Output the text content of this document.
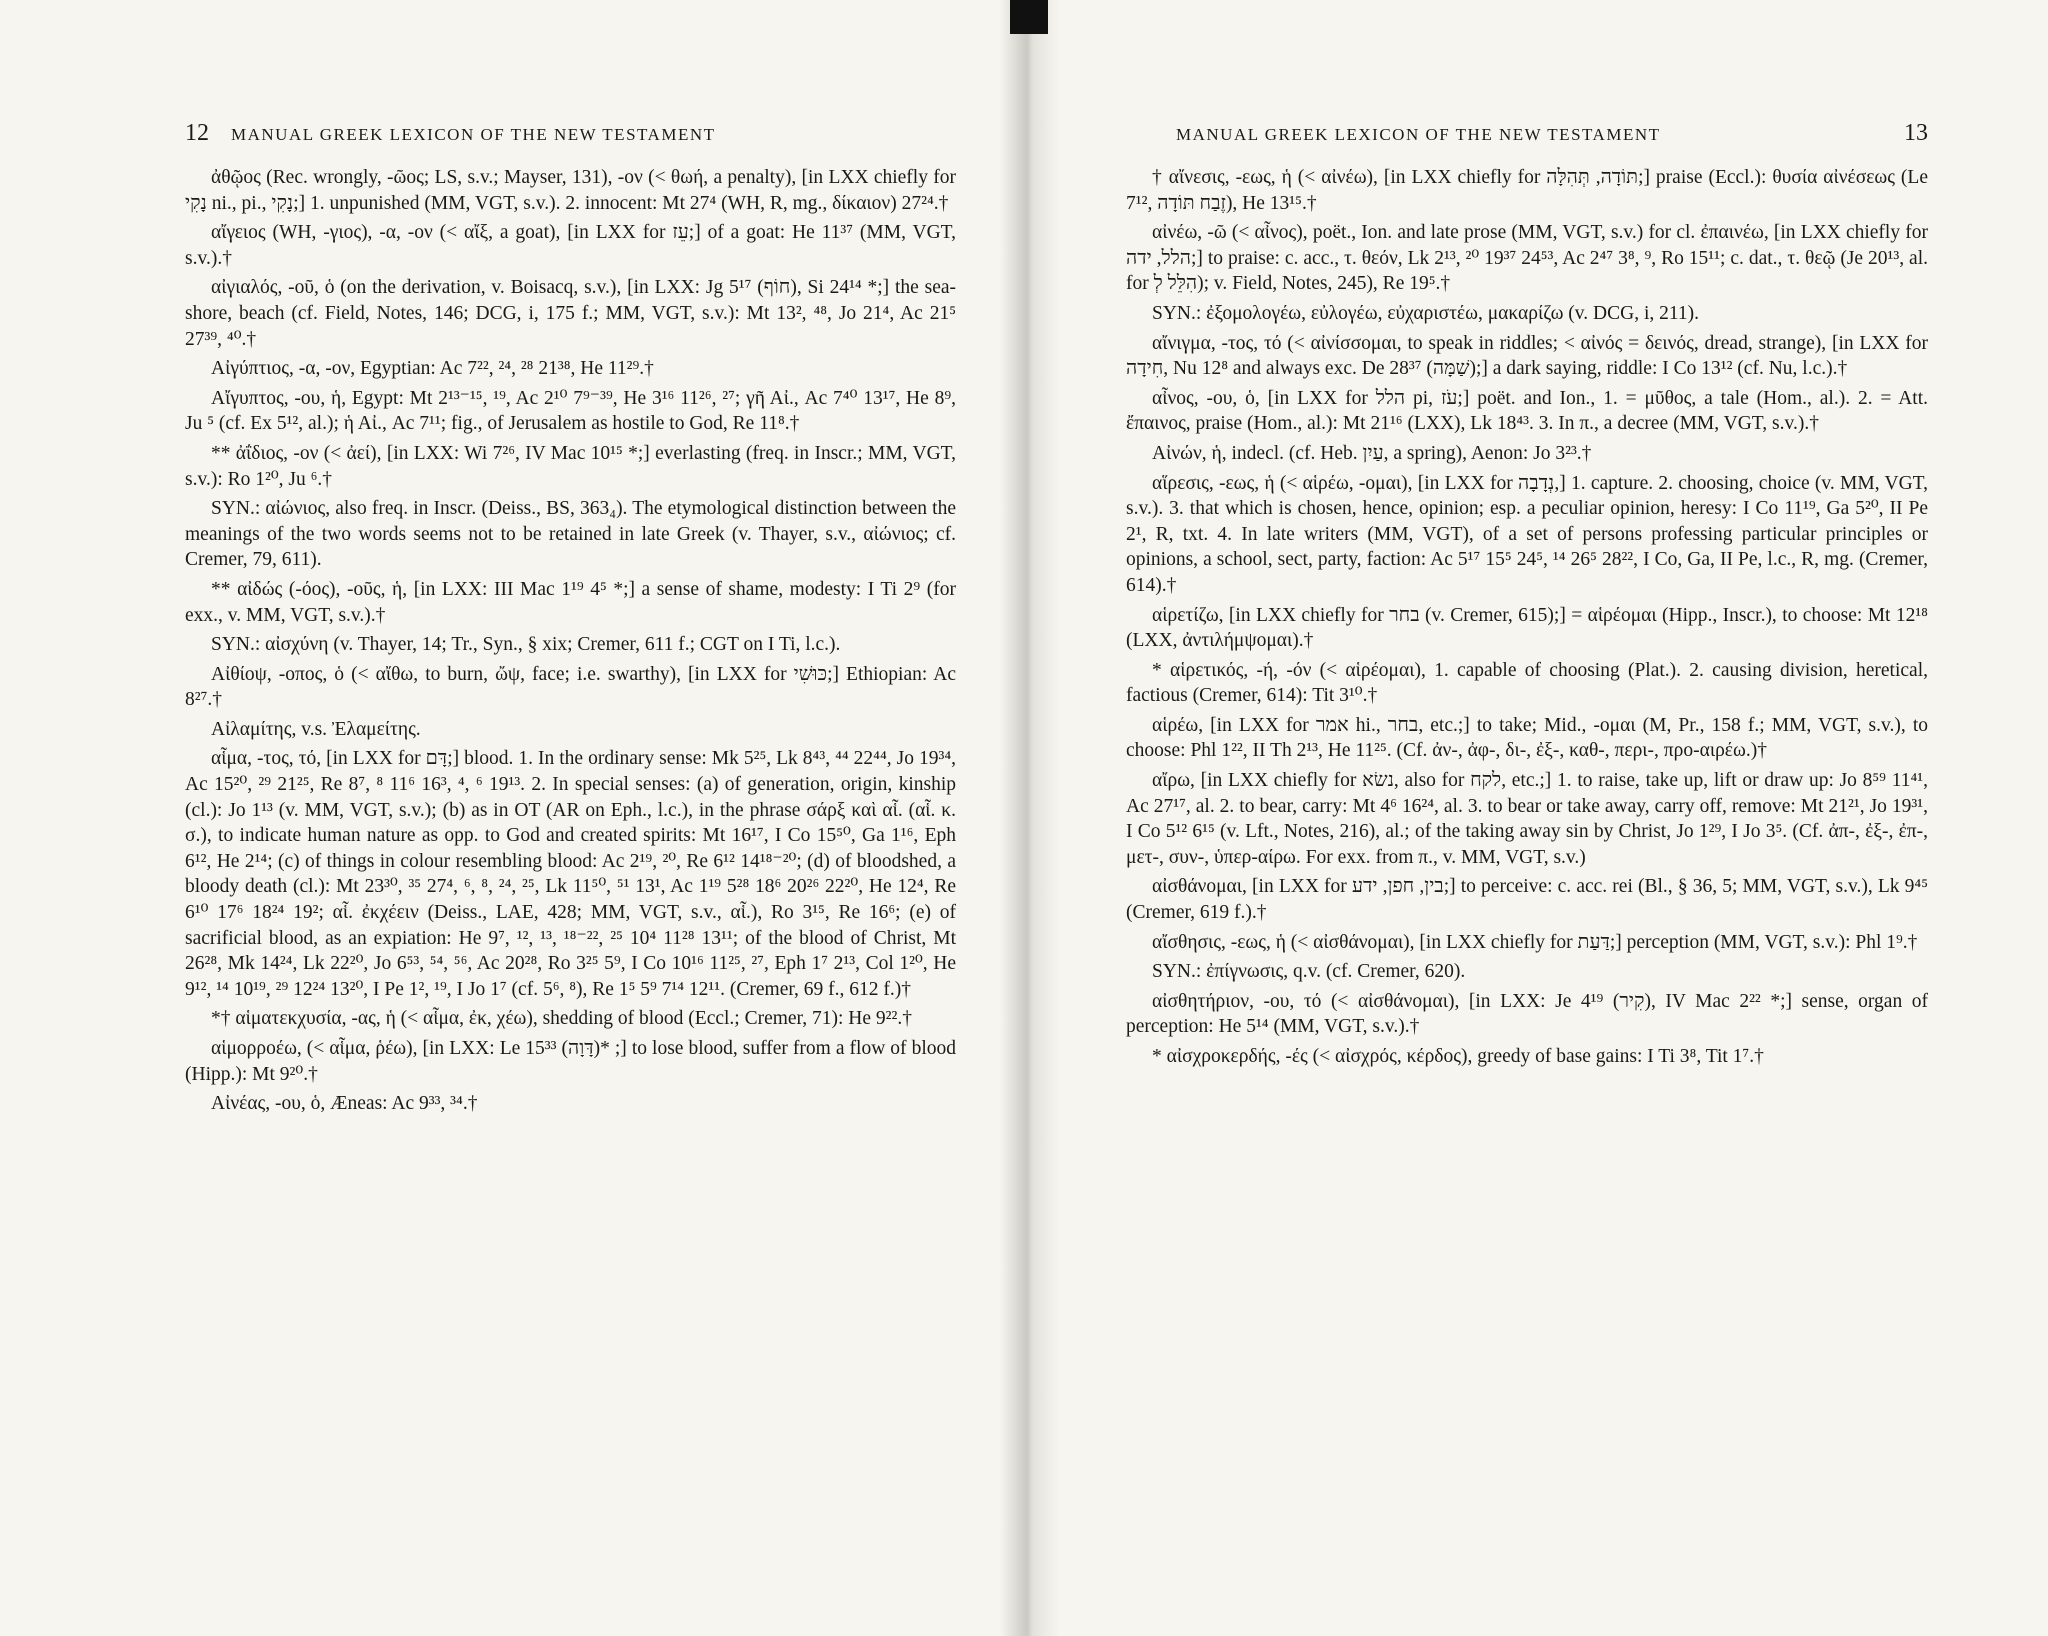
12 MANUAL GREEK LEXICON OF THE NEW TESTAMENT

ἀθῷος (Rec. wrongly, -ῶος; LS, s.v.; Mayser, 131), -ον (< θωή, a penalty), [in LXX chiefly for נָקִי ni., pi., נָקִי;] 1. unpunished (MM, VGT, s.v.). 2. innocent: Mt 27⁴ (WH, R, mg., δίκαιον) 27²⁴.†

αἴγειος (WH, -γιος), -α, -ον (< αἴξ, a goat), [in LXX for עֵז;] of a goat: He 11³⁷ (MM, VGT, s.v.).†

αἰγιαλός, -οῦ, ὁ (on the derivation, v. Boisacq, s.v.), [in LXX: Jg 5¹⁷ (חוֹף), Si 24¹⁴ *;] the sea-shore, beach (cf. Field, Notes, 146; DCG, i, 175 f.; MM, VGT, s.v.): Mt 13², ⁴⁸, Jo 21⁴, Ac 21⁵ 27³⁹, ⁴⁰.†

Αἰγύπτιος, -α, -ον, Egyptian: Ac 7²², ²⁴, ²⁸ 21³⁸, He 11²⁹.†

Αἴγυπτος, -ου, ἡ, Egypt: Mt 2¹³⁻¹⁵, ¹⁹, Ac 2¹⁰ 7⁹⁻³⁹, He 3¹⁶ 11²⁶, ²⁷; γῆ Αἰ., Ac 7⁴⁰ 13¹⁷, He 8⁹, Ju ⁵ (cf. Ex 5¹², al.); ἡ Αἰ., Ac 7¹¹; fig., of Jerusalem as hostile to God, Re 11⁸.†

** ἀΐδιος, -ον (< ἀεί), [in LXX: Wi 7²⁶, IV Mac 10¹⁵ *;] everlasting (freq. in Inscr.; MM, VGT, s.v.): Ro 1²⁰, Ju ⁶.†

SYN.: αἰώνιος, also freq. in Inscr. (Deiss., BS, 363₄). The etymological distinction between the meanings of the two words seems not to be retained in late Greek (v. Thayer, s.v., αἰώνιος; cf. Cremer, 79, 611).

** αἰδώς (-όος), -οῦς, ἡ, [in LXX: III Mac 1¹⁹ 4⁵ *;] a sense of shame, modesty: I Ti 2⁹ (for exx., v. MM, VGT, s.v.).†

SYN.: αἰσχύνη (v. Thayer, 14; Tr., Syn., § xix; Cremer, 611 f.; CGT on I Ti, l.c.).

Αἰθίοψ, -οπος, ὁ (< αἴθω, to burn, ὤψ, face; i.e. swarthy), [in LXX for כּוּשִׁי;] Ethiopian: Ac 8²⁷.†

Αἰλαμίτης, v.s. Ἐλαμείτης.

αἷμα, -τος, τό, [in LXX for דָּם;] blood. 1. In the ordinary sense: Mk 5²⁵, Lk 8⁴³, ⁴⁴ 22⁴⁴, Jo 19³⁴, Ac 15²⁰, ²⁹ 21²⁵, Re 8⁷, ⁸ 11⁶ 16³, ⁴, ⁶ 19¹³. 2. In special senses: (a) of generation, origin, kinship (cl.): Jo 1¹³ (v. MM, VGT, s.v.); (b) as in OT (AR on Eph., l.c.), in the phrase σάρξ καὶ αἷ. (αἷ. κ. σ.), to indicate human nature as opp. to God and created spirits: Mt 16¹⁷, I Co 15⁵⁰, Ga 1¹⁶, Eph 6¹², He 2¹⁴; (c) of things in colour resembling blood: Ac 2¹⁹, ²⁰, Re 6¹² 14¹⁸⁻²⁰; (d) of bloodshed, a bloody death (cl.): Mt 23³⁰, ³⁵ 27⁴, ⁶, ⁸, ²⁴, ²⁵, Lk 11⁵⁰, ⁵¹ 13¹, Ac 1¹⁹ 5²⁸ 18⁶ 20²⁶ 22²⁰, He 12⁴, Re 6¹⁰ 17⁶ 18²⁴ 19²; αἷ. ἐκχέειν (Deiss., LAE, 428; MM, VGT, s.v., αἷ.), Ro 3¹⁵, Re 16⁶; (e) of sacrificial blood, as an expiation: He 9⁷, ¹², ¹³, ¹⁸⁻²², ²⁵ 10⁴ 11²⁸ 13¹¹; of the blood of Christ, Mt 26²⁸, Mk 14²⁴, Lk 22²⁰, Jo 6⁵³, ⁵⁴, ⁵⁶, Ac 20²⁸, Ro 3²⁵ 5⁹, I Co 10¹⁶ 11²⁵, ²⁷, Eph 1⁷ 2¹³, Col 1²⁰, He 9¹², ¹⁴ 10¹⁹, ²⁹ 12²⁴ 13²⁰, I Pe 1², ¹⁹, I Jo 1⁷ (cf. 5⁶, ⁸), Re 1⁵ 5⁹ 7¹⁴ 12¹¹. (Cremer, 69 f., 612 f.)†

*† αἱματεκχυσία, -ας, ἡ (< αἷμα, ἐκ, χέω), shedding of blood (Eccl.; Cremer, 71): He 9²².†

αἱμορροέω, (< αἷμα, ῥέω), [in LXX: Le 15³³ (דָּוָה)* ;] to lose blood, suffer from a flow of blood (Hipp.): Mt 9²⁰.†

Αἰνέας, -ου, ὁ, Æneas: Ac 9³³, ³⁴.†

MANUAL GREEK LEXICON OF THE NEW TESTAMENT	13

† αἴνεσις, -εως, ἡ (< αἰνέω), [in LXX chiefly for תּוֹדָה, תְּהִלָּה;] praise (Eccl.): θυσία αἰνέσεως (Le 7¹², זֶבַח תּוֹדָה), He 13¹⁵.†

αἰνέω, -ῶ (< αἶνος), poët., Ion. and late prose (MM, VGT, s.v.) for cl. ἐπαινέω, [in LXX chiefly for הלל, ידה;] to praise: c. acc., τ. θεόν, Lk 2¹³, ²⁰ 19³⁷ 24⁵³, Ac 2⁴⁷ 3⁸, ⁹, Ro 15¹¹; c. dat., τ. θεῷ (Je 20¹³, al. for הִלֵּל לְ); v. Field, Notes, 245), Re 19⁵.†

SYN.: ἐξομολογέω, εὐλογέω, εὐχαριστέω, μακαρίζω (v. DCG, i, 211).

αἴνιγμα, -τος, τό (< αἰνίσσομαι, to speak in riddles; < αἰνός = δεινός, dread, strange), [in LXX for חִידָה, Nu 12⁸ and always exc. De 28³⁷ (שַׁמָּה);] a dark saying, riddle: I Co 13¹² (cf. Nu, l.c.).†

αἶνος, -ου, ὁ, [in LXX for הלל pi, עֹז;] poët. and Ion., 1. = μῦθος, a tale (Hom., al.). 2. = Att. ἔπαινος, praise (Hom., al.): Mt 21¹⁶ (LXX), Lk 18⁴³. 3. In π., a decree (MM, VGT, s.v.).†

Αἰνών, ἡ, indecl. (cf. Heb. עַיִן, a spring), Aenon: Jo 3²³.†

αἵρεσις, -εως, ἡ (< αἱρέω, -ομαι), [in LXX for נְדָבָה,] 1. capture. 2. choosing, choice (v. MM, VGT, s.v.). 3. that which is chosen, hence, opinion; esp. a peculiar opinion, heresy: I Co 11¹⁹, Ga 5²⁰, II Pe 2¹, R, txt. 4. In late writers (MM, VGT), of a set of persons professing particular principles or opinions, a school, sect, party, faction: Ac 5¹⁷ 15⁵ 24⁵, ¹⁴ 26⁵ 28²², I Co, Ga, II Pe, l.c., R, mg. (Cremer, 614).†

αἱρετίζω, [in LXX chiefly for בחר (v. Cremer, 615);] = αἱρέομαι (Hipp., Inscr.), to choose: Mt 12¹⁸ (LXX, ἀντιλήμψομαι).†

* αἱρετικός, -ή, -όν (< αἱρέομαι), 1. capable of choosing (Plat.). 2. causing division, heretical, factious (Cremer, 614): Tit 3¹⁰.†

αἱρέω, [in LXX for אמר hi., בחר, etc.;] to take; Mid., -ομαι (M, Pr., 158 f.; MM, VGT, s.v.), to choose: Phl 1²², II Th 2¹³, He 11²⁵. (Cf. ἀν-, ἀφ-, δι-, ἐξ-, καθ-, περι-, προ-αιρέω.)†

αἴρω, [in LXX chiefly for נשׂא, also for לקח, etc.;] 1. to raise, take up, lift or draw up: Jo 8⁵⁹ 11⁴¹, Ac 27¹⁷, al. 2. to bear, carry: Mt 4⁶ 16²⁴, al. 3. to bear or take away, carry off, remove: Mt 21²¹, Jo 19³¹, I Co 5¹² 6¹⁵ (v. Lft., Notes, 216), al.; of the taking away sin by Christ, Jo 1²⁹, I Jo 3⁵. (Cf. ἀπ-, ἐξ-, ἐπ-, μετ-, συν-, ὑπερ-αίρω. For exx. from π., v. MM, VGT, s.v.)

αἰσθάνομαι, [in LXX for בין, חפן, ידע;] to perceive: c. acc. rei (Bl., § 36, 5; MM, VGT, s.v.), Lk 9⁴⁵ (Cremer, 619 f.).†

αἴσθησις, -εως, ἡ (< αἰσθάνομαι), [in LXX chiefly for דַּעַת;] perception (MM, VGT, s.v.): Phl 1⁹.†

SYN.: ἐπίγνωσις, q.v. (cf. Cremer, 620).

αἰσθητήριον, -ου, τό (< αἰσθάνομαι), [in LXX: Je 4¹⁹ (קִיר), IV Mac 2²² *;] sense, organ of perception: He 5¹⁴ (MM, VGT, s.v.).†

* αἰσχροκερδής, -ές (< αἰσχρός, κέρδος), greedy of base gains: I Ti 3⁸, Tit 1⁷.†
